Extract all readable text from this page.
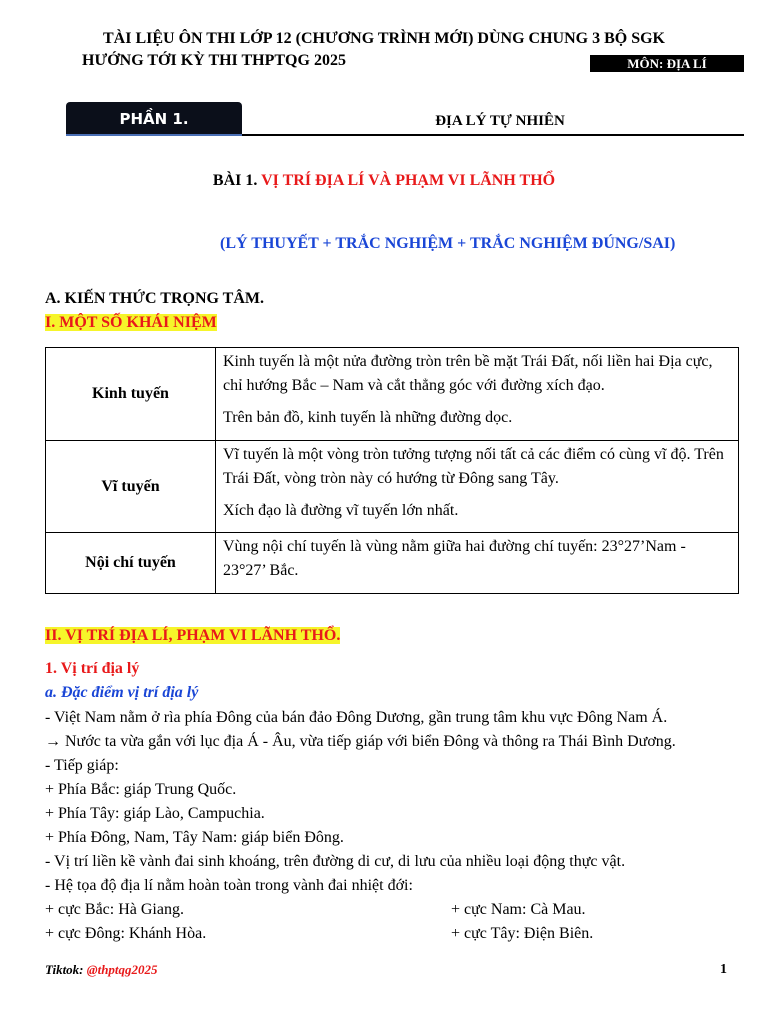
TÀI LIỆU ÔN THI LỚP 12 (CHƯƠNG TRÌNH MỚI) DÙNG CHUNG 3 BỘ SGK
HƯỚNG TỚI KỲ THI THPTQG 2025	MÔN: ĐỊA LÍ
PHẦN 1.	ĐỊA LÝ TỰ NHIÊN
BÀI 1. VỊ TRÍ ĐỊA LÍ VÀ PHẠM VI LÃNH THỔ
(LÝ THUYẾT + TRẮC NGHIỆM + TRẮC NGHIỆM ĐÚNG/SAI)
A. KIẾN THỨC TRỌNG TÂM.
I. MỘT SỐ KHÁI NIỆM
Kinh tuyến	Kinh tuyến là một nửa đường tròn trên bề mặt Trái Đất, nối liền hai Địa cực, chỉ hướng Bắc – Nam và cắt thẳng góc với đường xích đạo.

Trên bản đồ, kinh tuyến là những đường dọc.

Vĩ tuyến	Vĩ tuyến là một vòng tròn tưởng tượng nối tất cả các điểm có cùng vĩ độ. Trên Trái Đất, vòng tròn này có hướng từ Đông sang Tây.

Xích đạo là đường vĩ tuyến lớn nhất.

Nội chí tuyến	Vùng nội chí tuyến là vùng nằm giữa hai đường chí tuyến: 23°27’Nam - 23°27’ Bắc.

II. VỊ TRÍ ĐỊA LÍ, PHẠM VI LÃNH THỔ.
1. Vị trí địa lý
a. Đặc điểm vị trí địa lý
- Việt Nam nằm ở rìa phía Đông của bán đảo Đông Dương, gần trung tâm khu vực Đông Nam Á.
→ Nước ta vừa gắn với lục địa Á - Âu, vừa tiếp giáp với biển Đông và thông ra Thái Bình Dương.
- Tiếp giáp:
+ Phía Bắc: giáp Trung Quốc.
+ Phía Tây: giáp Lào, Campuchia.
+ Phía Đông, Nam, Tây Nam: giáp biển Đông.
- Vị trí liền kề vành đai sinh khoáng, trên đường di cư, di lưu của nhiều loại động thực vật.
- Hệ tọa độ địa lí nằm hoàn toàn trong vành đai nhiệt đới:
+ cực Bắc: Hà Giang.	+ cực Nam: Cà Mau.
+ cực Đông: Khánh Hòa.	+ cực Tây: Điện Biên.
Tiktok: @thptqg2025	1
